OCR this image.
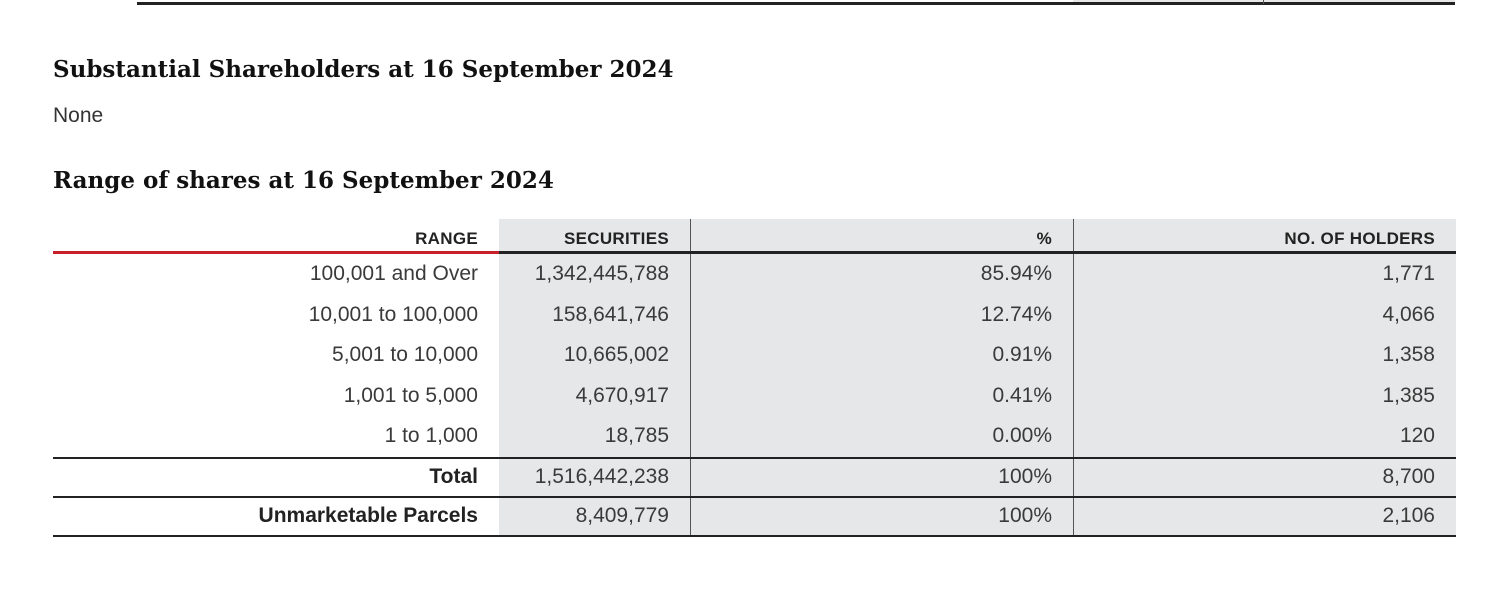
Substantial Shareholders at 16 September 2024
None
Range of shares at 16 September 2024
RANGE	SECURITIES	%	NO. OF HOLDERS
100,001 and Over	1,342,445,788	85.94%	1,771
10,001 to 100,000	158,641,746	12.74%	4,066
5,001 to 10,000	10,665,002	0.91%	1,358
1,001 to 5,000	4,670,917	0.41%	1,385
1 to 1,000	18,785	0.00%	120
Total	1,516,442,238	100%	8,700
Unmarketable Parcels	8,409,779	100%	2,106
